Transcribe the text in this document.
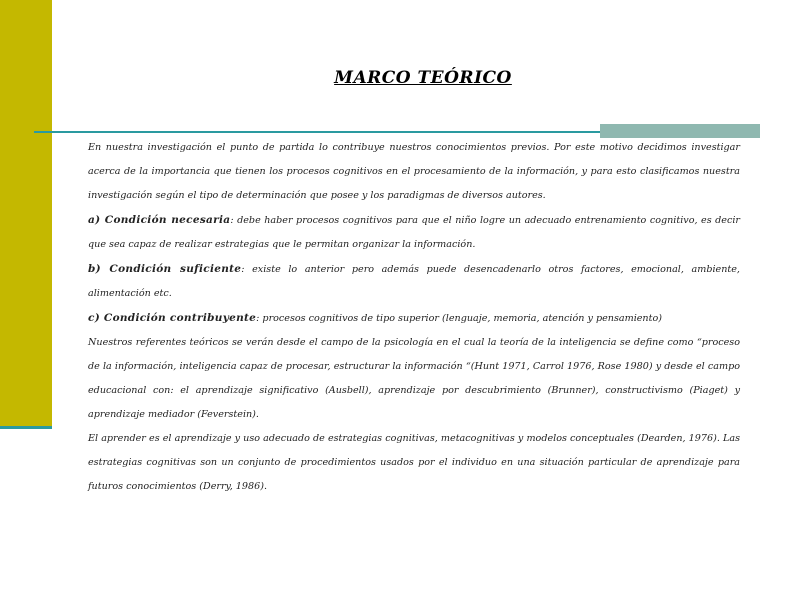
MARCO TEÓRICO

En nuestra investigación el punto de partida lo contribuye nuestros conocimientos previos. Por este motivo decidimos investigar acerca de la importancia que tienen los procesos cognitivos en el procesamiento de la información, y para esto clasificamos nuestra investigación según el tipo de determinación que posee y los paradigmas de diversos autores.

a) Condición necesaria: debe haber procesos cognitivos para que el niño logre un adecuado entrenamiento cognitivo, es decir que sea capaz de realizar estrategias que le permitan organizar la información.

b) Condición suficiente: existe lo anterior pero además puede desencadenarlo otros factores, emocional, ambiente, alimentación etc.

c) Condición contribuyente: procesos cognitivos de tipo superior (lenguaje, memoria, atención y pensamiento)

Nuestros referentes teóricos se verán desde el campo de la psicología en el cual la teoría de la inteligencia se define como “proceso de la información, inteligencia capaz de procesar, estructurar la información “(Hunt 1971, Carrol 1976, Rose 1980) y desde el campo educacional con: el aprendizaje significativo (Ausbell), aprendizaje por descubrimiento (Brunner), constructivismo (Piaget) y aprendizaje mediador (Feverstein).

El aprender es el aprendizaje y uso adecuado de estrategias cognitivas, metacognitivas y modelos conceptuales (Dearden, 1976). Las estrategias cognitivas son un conjunto de procedimientos usados por el individuo en una situación particular de aprendizaje para futuros conocimientos (Derry, 1986).
